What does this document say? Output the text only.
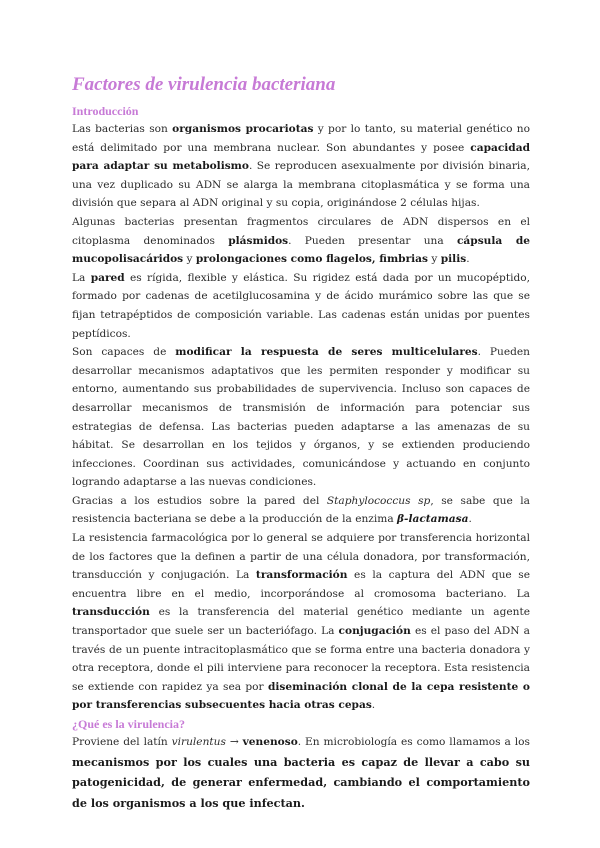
Factores de virulencia bacteriana
Introducción

Las bacterias son organismos procariotas y por lo tanto, su material genético no está delimitado por una membrana nuclear. Son abundantes y posee capacidad para adaptar su metabolismo. Se reproducen asexualmente por división binaria, una vez duplicado su ADN se alarga la membrana citoplasmática y se forma una división que separa al ADN original y su copia, originándose 2 células hijas.

Algunas bacterias presentan fragmentos circulares de ADN dispersos en el citoplasma denominados plásmidos. Pueden presentar una cápsula de mucopolisacáridos y prolongaciones como flagelos, fimbrias y pilis.

La pared es rígida, flexible y elástica. Su rigidez está dada por un mucopéptido, formado por cadenas de acetilglucosamina y de ácido murámico sobre las que se fijan tetrapéptidos de composición variable. Las cadenas están unidas por puentes peptídicos.

Son capaces de modificar la respuesta de seres multicelulares. Pueden desarrollar mecanismos adaptativos que les permiten responder y modificar su entorno, aumentando sus probabilidades de supervivencia. Incluso son capaces de desarrollar mecanismos de transmisión de información para potenciar sus estrategias de defensa. Las bacterias pueden adaptarse a las amenazas de su hábitat. Se desarrollan en los tejidos y órganos, y se extienden produciendo infecciones. Coordinan sus actividades, comunicándose y actuando en conjunto logrando adaptarse a las nuevas condiciones.

Gracias a los estudios sobre la pared del Staphylococcus sp, se sabe que la resistencia bacteriana se debe a la producción de la enzima β-lactamasa.

La resistencia farmacológica por lo general se adquiere por transferencia horizontal de los factores que la definen a partir de una célula donadora, por transformación, transducción y conjugación. La transformación es la captura del ADN que se encuentra libre en el medio, incorporándose al cromosoma bacteriano. La transducción es la transferencia del material genético mediante un agente transportador que suele ser un bacteriófago. La conjugación es el paso del ADN a través de un puente intracitoplasmático que se forma entre una bacteria donadora y otra receptora, donde el pili interviene para reconocer la receptora. Esta resistencia se extiende con rapidez ya sea por diseminación clonal de la cepa resistente o por transferencias subsecuentes hacia otras cepas.

¿Qué es la virulencia?

Proviene del latín virulentus → venenoso. En microbiología es como llamamos a los mecanismos por los cuales una bacteria es capaz de llevar a cabo su patogenicidad, de generar enfermedad, cambiando el comportamiento de los organismos a los que infectan.
